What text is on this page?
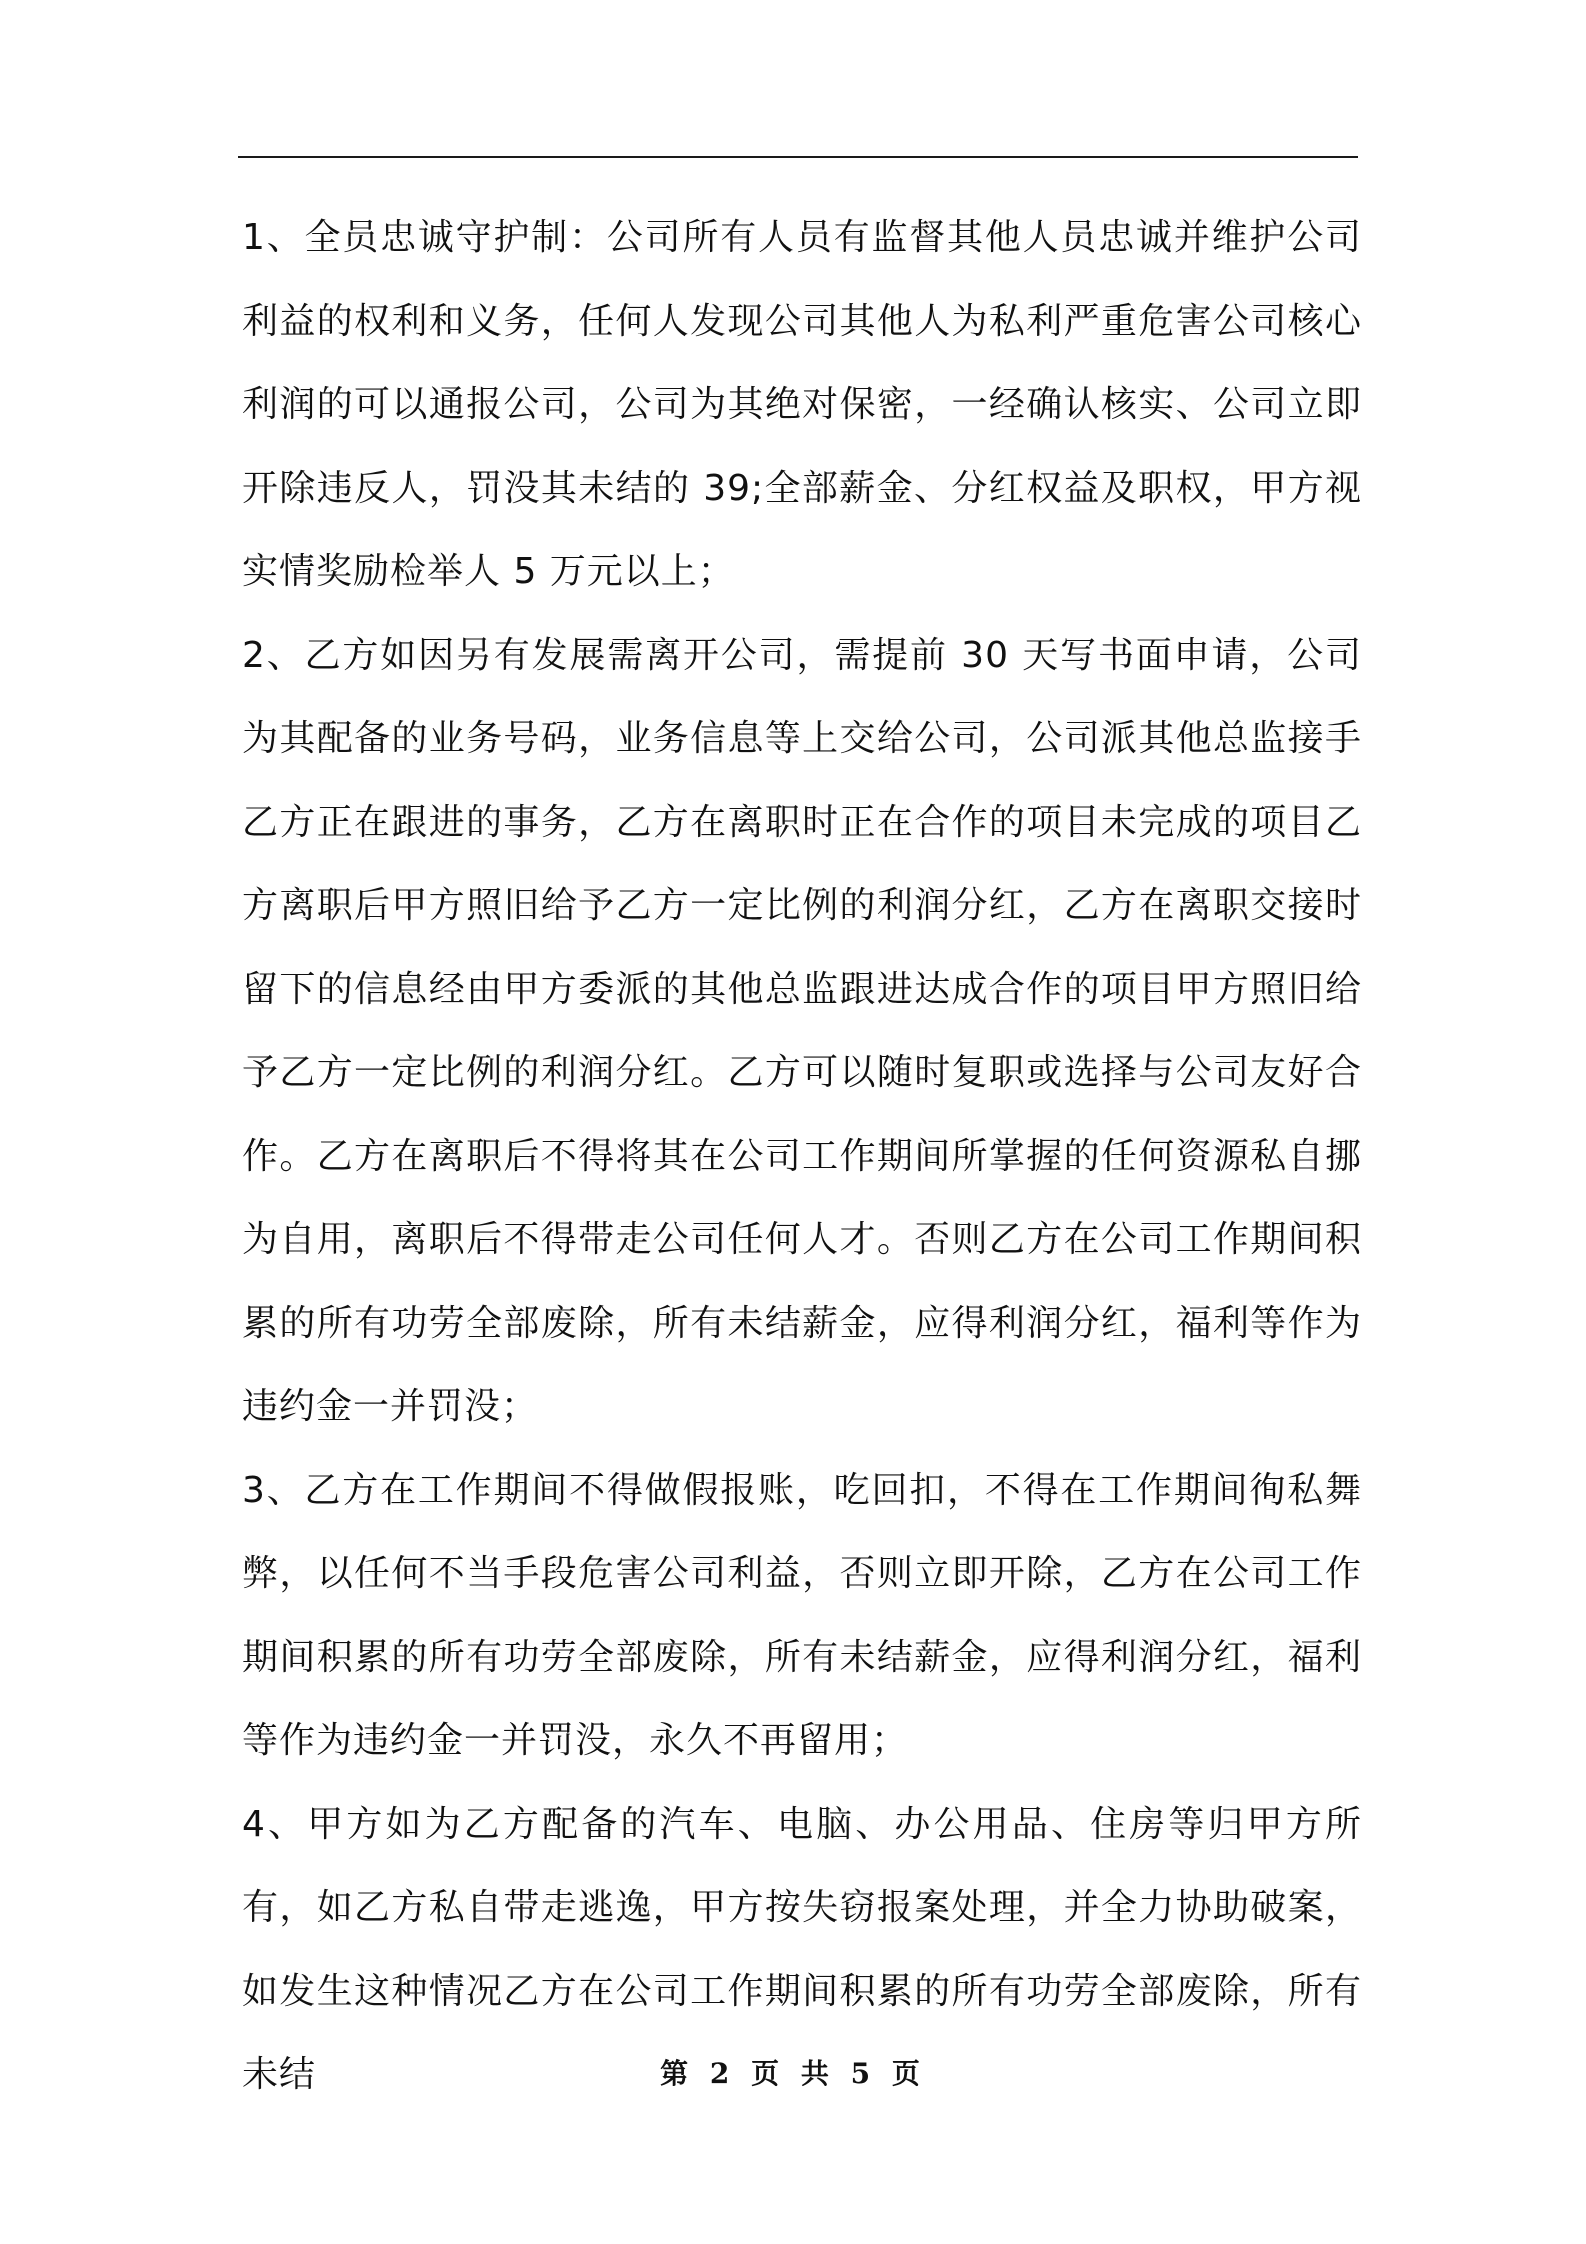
1、全员忠诚守护制：公司所有人员有监督其他人员忠诚并维护公司利益的权利和义务，任何人发现公司其他人为私利严重危害公司核心利润的可以通报公司，公司为其绝对保密，一经确认核实、公司立即开除违反人，罚没其未结的 39;全部薪金、分红权益及职权，甲方视实情奖励检举人 5 万元以上；

2、乙方如因另有发展需离开公司，需提前 30 天写书面申请，公司为其配备的业务号码，业务信息等上交给公司，公司派其他总监接手乙方正在跟进的事务，乙方在离职时正在合作的项目未完成的项目乙方离职后甲方照旧给予乙方一定比例的利润分红，乙方在离职交接时留下的信息经由甲方委派的其他总监跟进达成合作的项目甲方照旧给予乙方一定比例的利润分红。乙方可以随时复职或选择与公司友好合作。乙方在离职后不得将其在公司工作期间所掌握的任何资源私自挪为自用，离职后不得带走公司任何人才。否则乙方在公司工作期间积累的所有功劳全部废除，所有未结薪金，应得利润分红，福利等作为违约金一并罚没；

3、乙方在工作期间不得做假报账，吃回扣，不得在工作期间徇私舞弊，以任何不当手段危害公司利益，否则立即开除，乙方在公司工作期间积累的所有功劳全部废除，所有未结薪金，应得利润分红，福利等作为违约金一并罚没，永久不再留用；

4、甲方如为乙方配备的汽车、电脑、办公用品、住房等归甲方所有，如乙方私自带走逃逸，甲方按失窃报案处理，并全力协助破案，如发生这种情况乙方在公司工作期间积累的所有功劳全部废除，所有未结	第 2 页 共 5 页
